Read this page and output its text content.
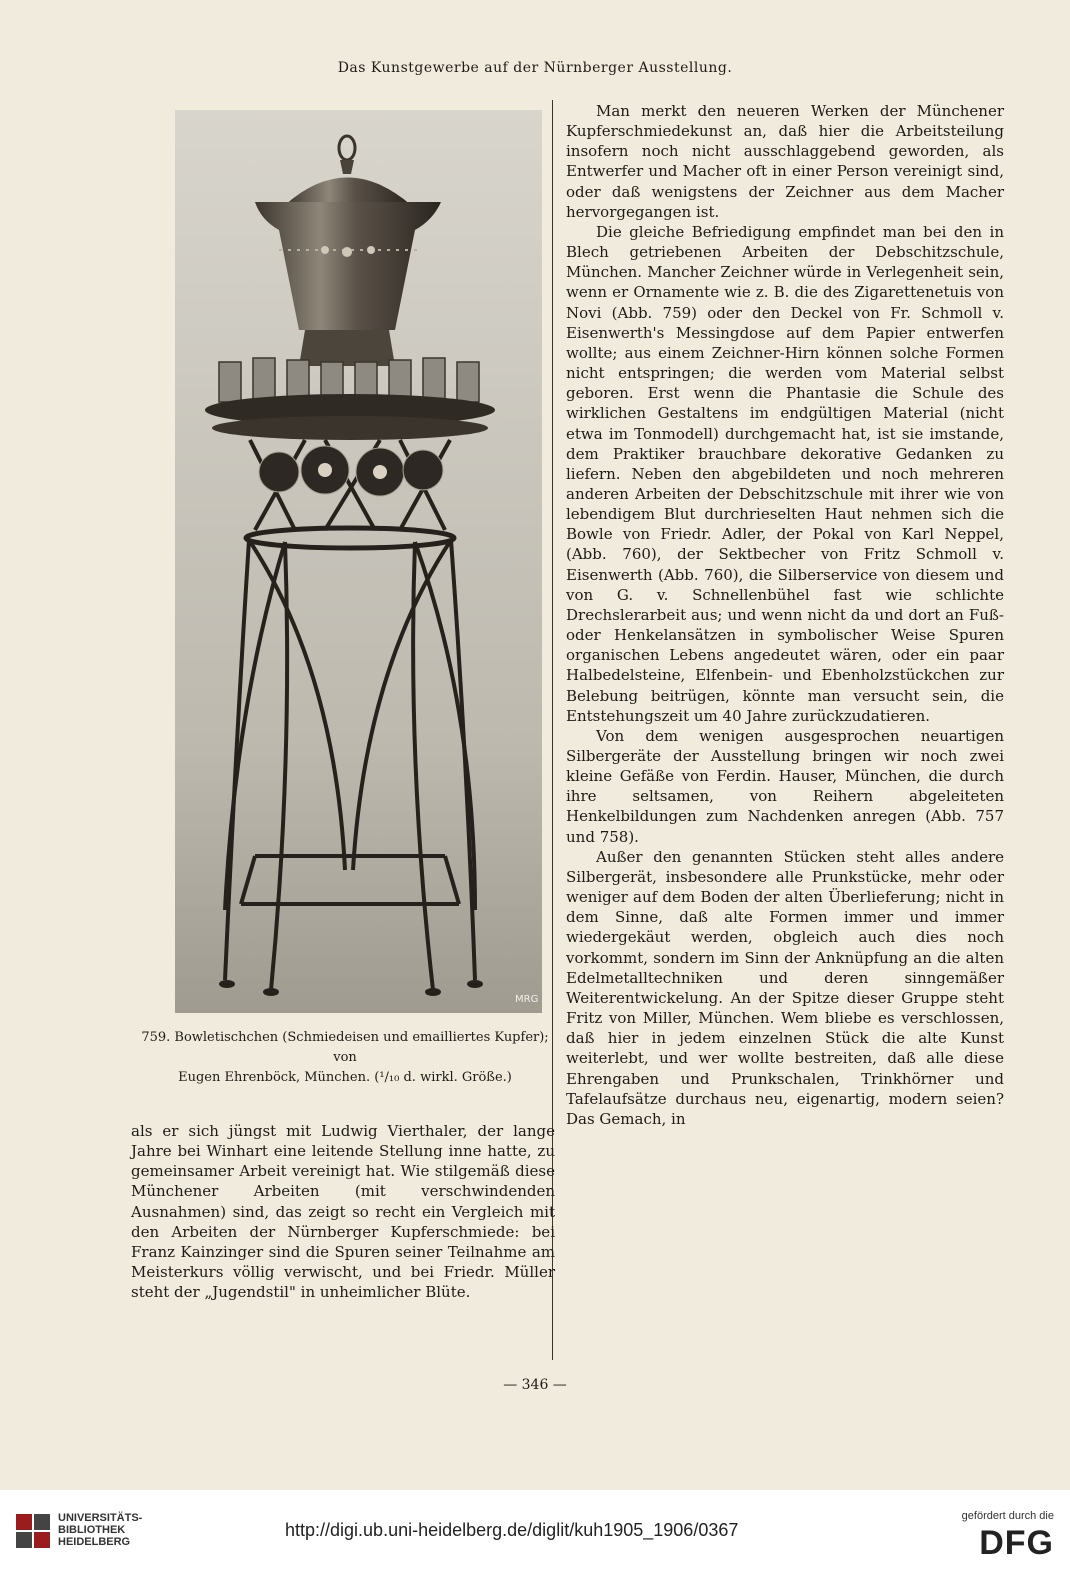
Das Kunstgewerbe auf der Nürnberger Ausstellung.
MRG
759. Bowletischchen (Schmiedeisen und emailliertes Kupfer); von
Eugen Ehrenböck, München. (¹/₁₀ d. wirkl. Größe.)

Man merkt den neueren Werken der Münchener Kupferschmiedekunst an, daß hier die Arbeitsteilung insofern noch nicht ausschlaggebend geworden, als Entwerfer und Macher oft in einer Person vereinigt sind, oder daß wenigstens der Zeichner aus dem Macher hervorgegangen ist.

Die gleiche Befriedigung empfindet man bei den in Blech getriebenen Arbeiten der Debschitzschule, München. Mancher Zeichner würde in Verlegenheit sein, wenn er Ornamente wie z. B. die des Zigarettenetuis von Novi (Abb. 759) oder den Deckel von Fr. Schmoll v. Eisenwerth's Messingdose auf dem Papier entwerfen wollte; aus einem Zeichner-Hirn können solche Formen nicht entspringen; die werden vom Material selbst geboren. Erst wenn die Phantasie die Schule des wirklichen Gestaltens im endgültigen Material (nicht etwa im Tonmodell) durchgemacht hat, ist sie imstande, dem Praktiker brauchbare dekorative Gedanken zu liefern. Neben den abgebildeten und noch mehreren anderen Arbeiten der Debschitzschule mit ihrer wie von lebendigem Blut durchrieselten Haut nehmen sich die Bowle von Friedr. Adler, der Pokal von Karl Neppel, (Abb. 760), der Sektbecher von Fritz Schmoll v. Eisenwerth (Abb. 760), die Silberservice von diesem und von G. v. Schnellenbühel fast wie schlichte Drechslerarbeit aus; und wenn nicht da und dort an Fuß- oder Henkelansätzen in symbolischer Weise Spuren organischen Lebens angedeutet wären, oder ein paar Halbedelsteine, Elfenbein- und Ebenholzstückchen zur Belebung beitrügen, könnte man versucht sein, die Entstehungszeit um 40 Jahre zurückzudatieren.

Von dem wenigen ausgesprochen neuartigen Silbergeräte der Ausstellung bringen wir noch zwei kleine Gefäße von Ferdin. Hauser, München, die durch ihre seltsamen, von Reihern abgeleiteten Henkelbildungen zum Nachdenken anregen (Abb. 757 und 758).

Außer den genannten Stücken steht alles andere Silbergerät, insbesondere alle Prunkstücke, mehr oder weniger auf dem Boden der alten Überlieferung; nicht in dem Sinne, daß alte Formen immer und immer wiedergekäut werden, obgleich auch dies noch vorkommt, sondern im Sinn der Anknüpfung an die alten Edelmetalltechniken und deren sinngemäßer Weiterentwickelung. An der Spitze dieser Gruppe steht Fritz von Miller, München. Wem bliebe es verschlossen, daß hier in jedem einzelnen Stück die alte Kunst weiterlebt, und wer wollte bestreiten, daß alle diese Ehrengaben und Prunkschalen, Trinkhörner und Tafelaufsätze durchaus neu, eigenartig, modern seien? Das Gemach, in

als er sich jüngst mit Ludwig Vierthaler, der lange Jahre bei Winhart eine leitende Stellung inne hatte, zu gemeinsamer Arbeit vereinigt hat. Wie stilgemäß diese Münchener Arbeiten (mit verschwindenden Ausnahmen) sind, das zeigt so recht ein Vergleich mit den Arbeiten der Nürnberger Kupferschmiede: bei Franz Kainzinger sind die Spuren seiner Teilnahme am Meisterkurs völlig verwischt, und bei Friedr. Müller steht der „Jugendstil" in unheimlicher Blüte.

— 346 —
UNIVERSITÄTS-
BIBLIOTHEK
HEIDELBERG
http://digi.ub.uni-heidelberg.de/diglit/kuh1905_1906/0367
gefördert durch die
DFG
